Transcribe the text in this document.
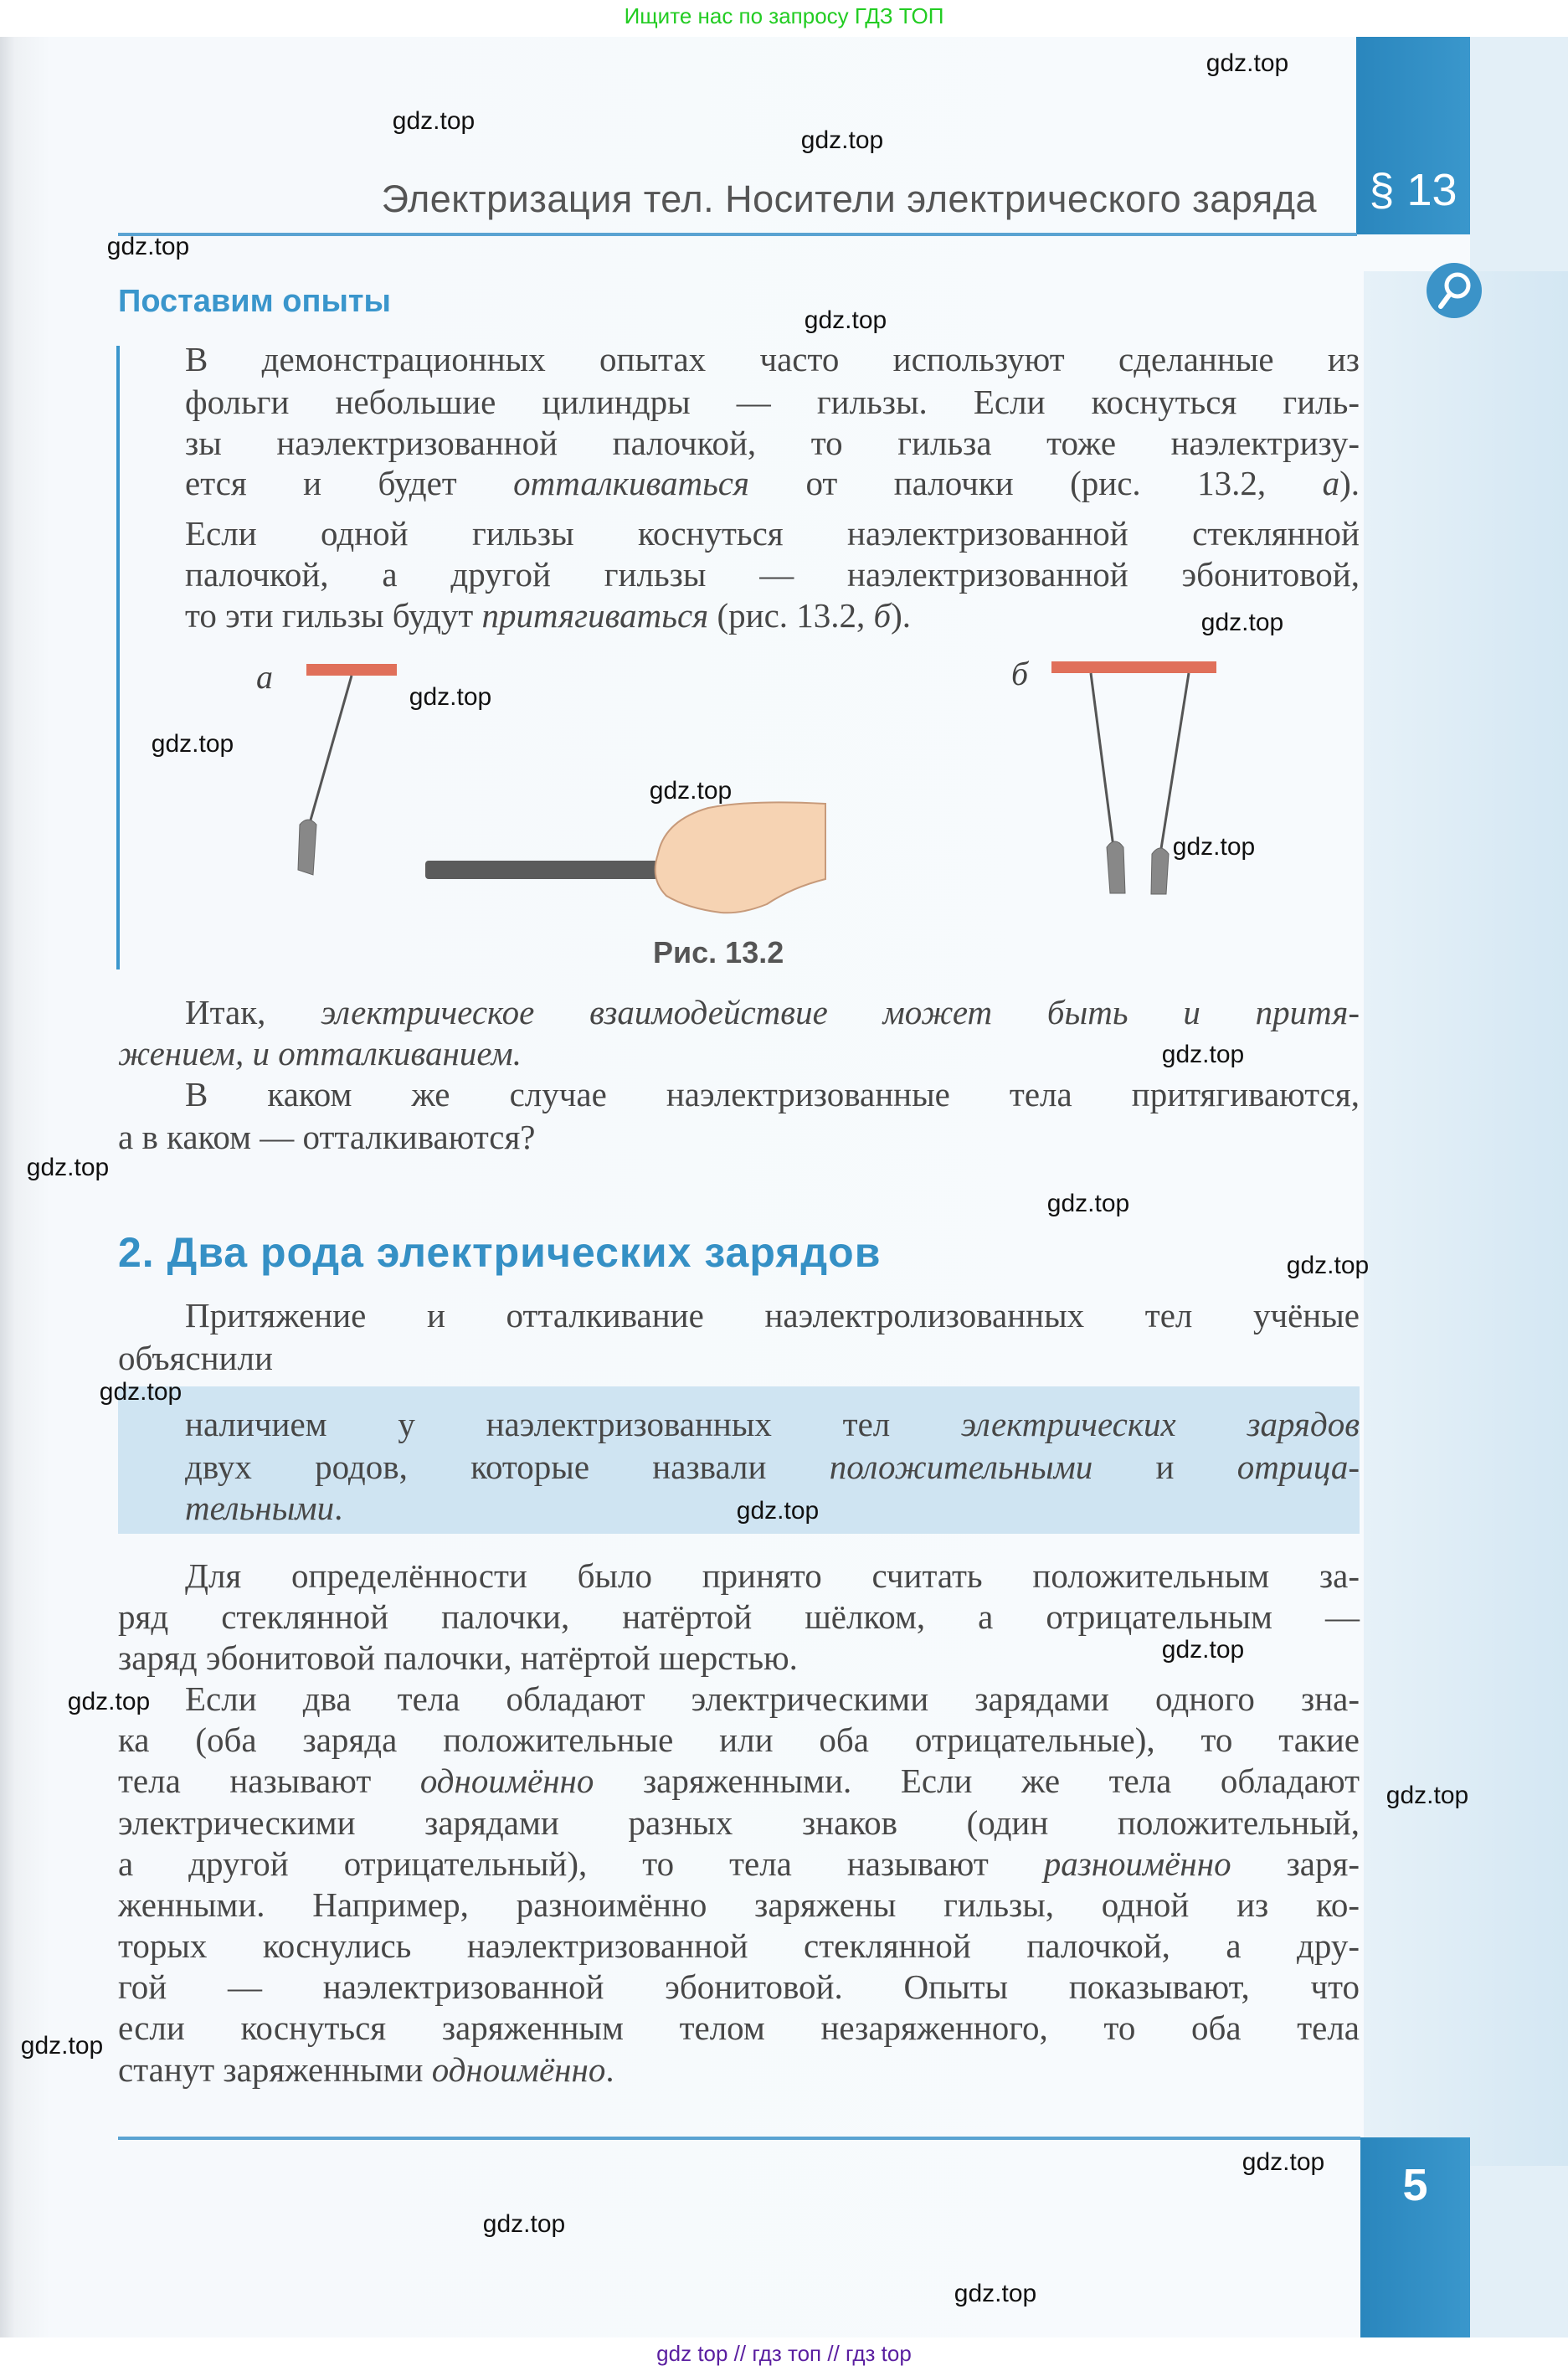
Ищите нас по запросу ГДЗ ТОП
§ 13
Электризация тел. Носители электрического заряда
Поставим опыты
2. Два рода электрических зарядов
Рис. 13.2
5
В демонстрационных опытах часто используют сделанные из
фольги небольшие цилиндры — гильзы. Если коснуться гиль-
зы наэлектризованной палочкой, то гильза тоже наэлектризу-
ется и будет отталкиваться от палочки (рис. 13.2, а).
Если одной гильзы коснуться наэлектризованной стеклянной
палочкой, а другой гильзы — наэлектризованной эбонитовой,
то эти гильзы будут притягиваться (рис. 13.2, б).
Итак, электрическое взаимодействие может быть и притя-
жением, и отталкиванием.
В каком же случае наэлектризованные тела притягиваются,
а в каком — отталкиваются?
Притяжение и отталкивание наэлектролизованных тел учёные
объяснили
наличием у наэлектризованных тел электрических зарядов
двух родов, которые назвали положительными и отрица-
тельными.
Для определённости было принято считать положительным за-
ряд стеклянной палочки, натёртой шёлком, а отрицательным —
заряд эбонитовой палочки, натёртой шерстью.
Если два тела обладают электрическими зарядами одного зна-
ка (оба заряда положительные или оба отрицательные), то такие
тела называют одноимённо заряженными. Если же тела обладают
электрическими зарядами разных знаков (один положительный,
а другой отрицательный), то тела называют разноимённо заря-
женными. Например, разноимённо заряжены гильзы, одной из ко-
торых коснулись наэлектризованной стеклянной палочкой, а дру-
гой — наэлектризованной эбонитовой. Опыты показывают, что
если коснуться заряженным телом незаряженного, то оба тела
станут заряженными одноимённо.
а	б
gdz.top
gdz.top
gdz.top
gdz.top
gdz.top
gdz.top
gdz.top
gdz.top
gdz.top
gdz.top
gdz.top
gdz.top
gdz.top
gdz.top
gdz.top
gdz.top
gdz.top
gdz.top
gdz.top
gdz.top
gdz.top
gdz.top
gdz.top
gdz top // гдз топ // гдз top
